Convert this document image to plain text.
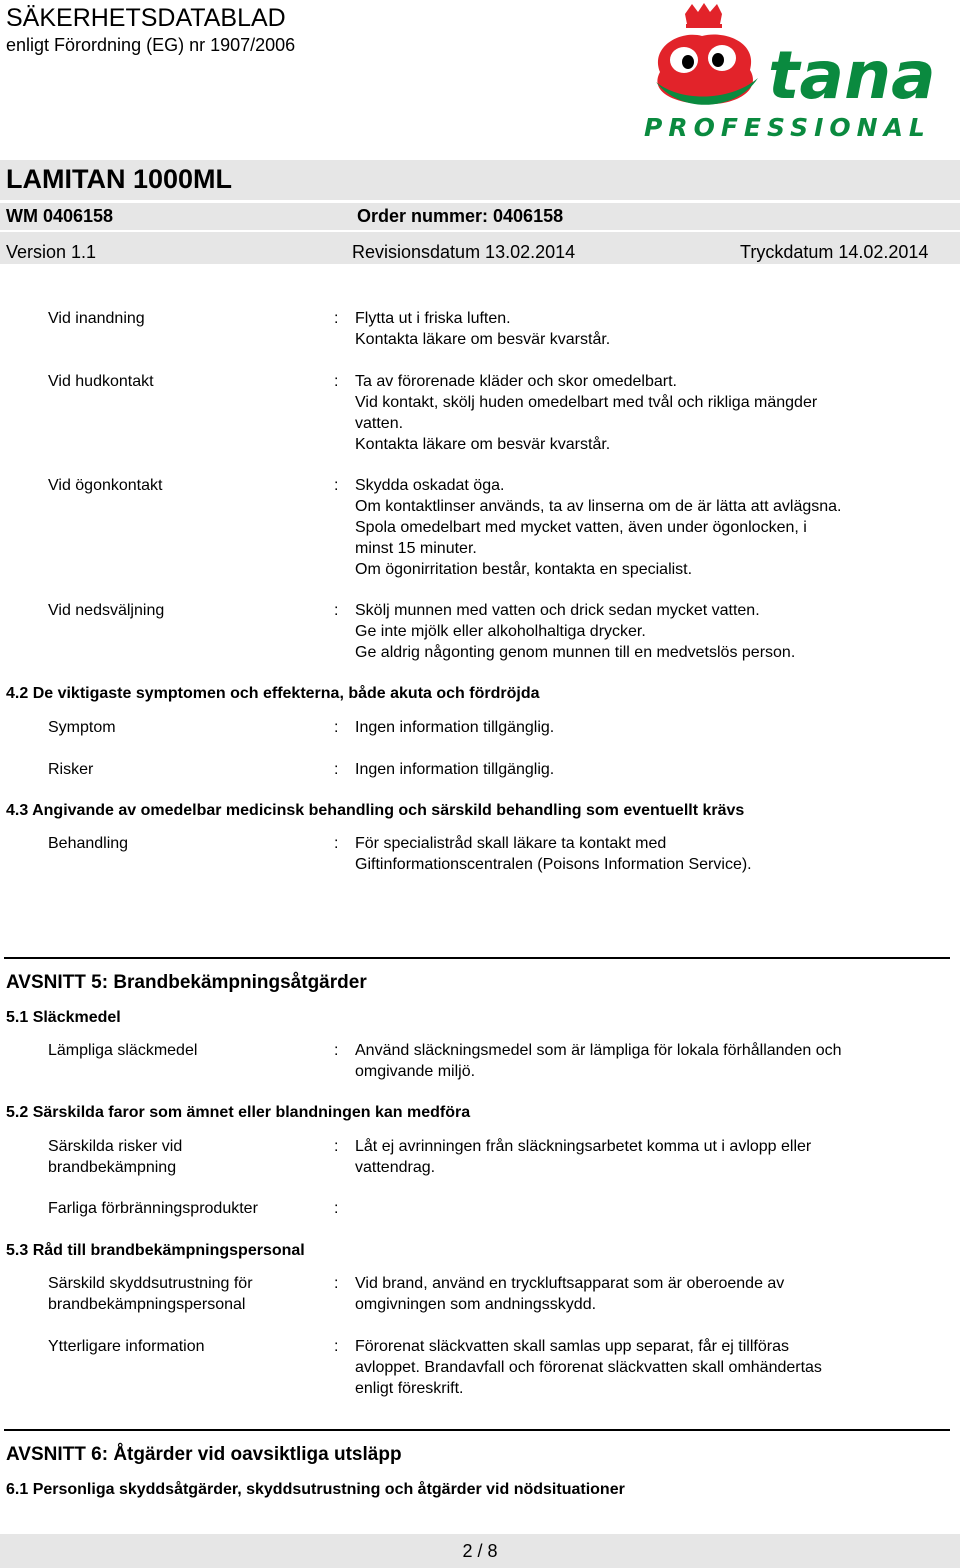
SÄKERHETSDATABLAD
enligt Förordning (EG) nr 1907/2006	tana
PROFESSIONAL
LAMITAN 1000ML
WM 0406158	Order nummer: 0406158
Version 1.1	Revisionsdatum 13.02.2014	Tryckdatum 14.02.2014
Vid inandning	: Flytta ut i friska luften.
Kontakta läkare om besvär kvarstår.
Vid hudkontakt	: Ta av förorenade kläder och skor omedelbart.
Vid kontakt, skölj huden omedelbart med tvål och rikliga mängder
vatten.
Kontakta läkare om besvär kvarstår.
Vid ögonkontakt	: Skydda oskadat öga.
Om kontaktlinser används, ta av linserna om de är lätta att avlägsna.
Spola omedelbart med mycket vatten, även under ögonlocken, i
minst 15 minuter.
Om ögonirritation består, kontakta en specialist.
Vid nedsväljning	: Skölj munnen med vatten och drick sedan mycket vatten.
Ge inte mjölk eller alkoholhaltiga drycker.
Ge aldrig någonting genom munnen till en medvetslös person.
4.2 De viktigaste symptomen och effekterna, både akuta och fördröjda
Symptom	: Ingen information tillgänglig.
Risker	: Ingen information tillgänglig.
4.3 Angivande av omedelbar medicinsk behandling och särskild behandling som eventuellt krävs
Behandling	: För specialistråd skall läkare ta kontakt med
Giftinformationscentralen (Poisons Information Service).
AVSNITT 5: Brandbekämpningsåtgärder
5.1 Släckmedel
Lämpliga släckmedel	: Använd släckningsmedel som är lämpliga för lokala förhållanden och
omgivande miljö.
5.2 Särskilda faror som ämnet eller blandningen kan medföra
Särskilda risker vid
brandbekämpning
: Låt ej avrinningen från släckningsarbetet komma ut i avlopp eller
vattendrag.
Farliga förbränningsprodukter	:
5.3 Råd till brandbekämpningspersonal
Särskild skyddsutrustning för
brandbekämpningspersonal
: Vid brand, använd en tryckluftsapparat som är oberoende av
omgivningen som andningsskydd.
Ytterligare information	: Förorenat släckvatten skall samlas upp separat, får ej tillföras
avloppet. Brandavfall och förorenat släckvatten skall omhändertas
enligt föreskrift.
AVSNITT 6: Åtgärder vid oavsiktliga utsläpp
6.1 Personliga skyddsåtgärder, skyddsutrustning och åtgärder vid nödsituationer
2 / 8
